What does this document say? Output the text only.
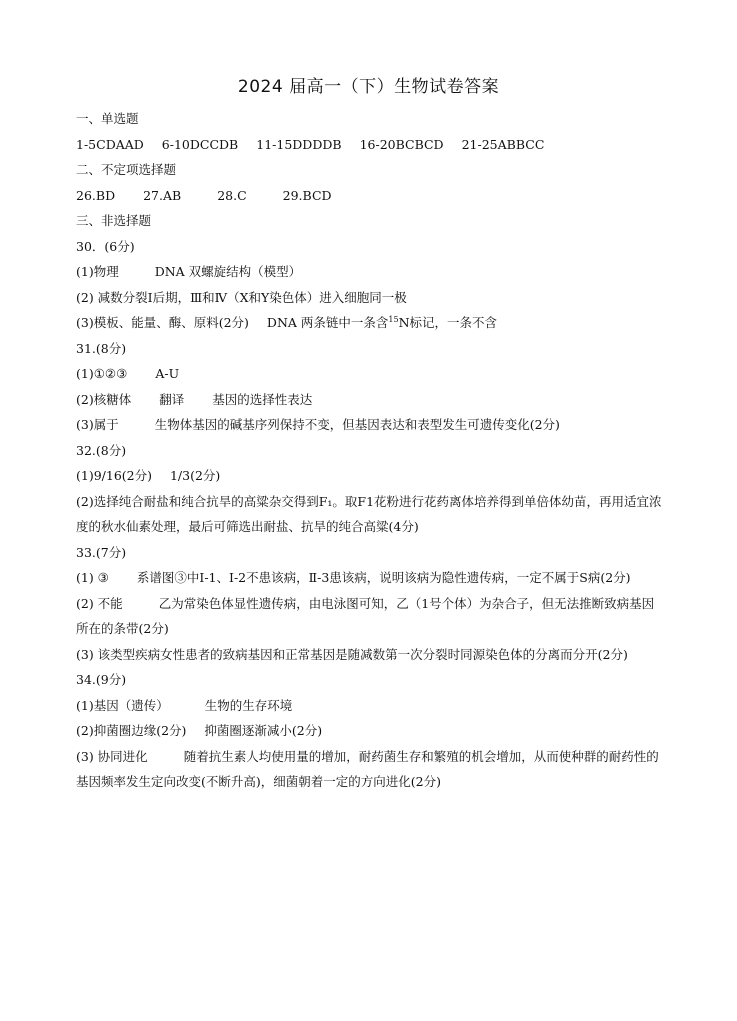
2024 届高一（下）生物试卷答案
一、单选题
1-5CDAAD 6-10DCCDB 11-15DDDDB 16-20BCBCD 21-25ABBCC
二、不定项选择题
26.BD 27.AB	28.C	29.BCD
三、非选择题
30．(6分)
(1)物理	DNA 双螺旋结构（模型）
(2) 减数分裂Ⅰ后期，Ⅲ和Ⅳ（X和Y染色体）进入细胞同一极
(3)模板、能量、酶、原料(2分) DNA 两条链中一条含$^{15}$N标记，一条不含
31.(8分)
(1)①②③ A-U
(2)核糖体 翻译 基因的选择性表达
(3)属于	生物体基因的碱基序列保持不变，但基因表达和表型发生可遗传变化(2分)
32.(8分)
(1)9/16(2分) 1/3(2分)
(2)选择纯合耐盐和纯合抗旱的高粱杂交得到F₁。取F1花粉进行花药离体培养得到单倍体幼苗，再用适宜浓度的秋水仙素处理，最后可筛选出耐盐、抗旱的纯合高粱(4分)
33.(7分)
(1) ③ 系谱图③中Ⅰ-1、Ⅰ-2不患该病，Ⅱ-3患该病，说明该病为隐性遗传病，一定不属于S病(2分)
(2) 不能	乙为常染色体显性遗传病，由电泳图可知，乙（1号个体）为杂合子，但无法推断致病基因所在的条带(2分)
(3) 该类型疾病女性患者的致病基因和正常基因是随减数第一次分裂时同源染色体的分离而分开(2分)
34.(9分)
(1)基因（遗传）	生物的生存环境
(2)抑菌圈边缘(2分) 抑菌圈逐渐减小(2分)
(3) 协同进化	随着抗生素人均使用量的增加，耐药菌生存和繁殖的机会增加，从而使种群的耐药性的基因频率发生定向改变(不断升高)，细菌朝着一定的方向进化(2分)
